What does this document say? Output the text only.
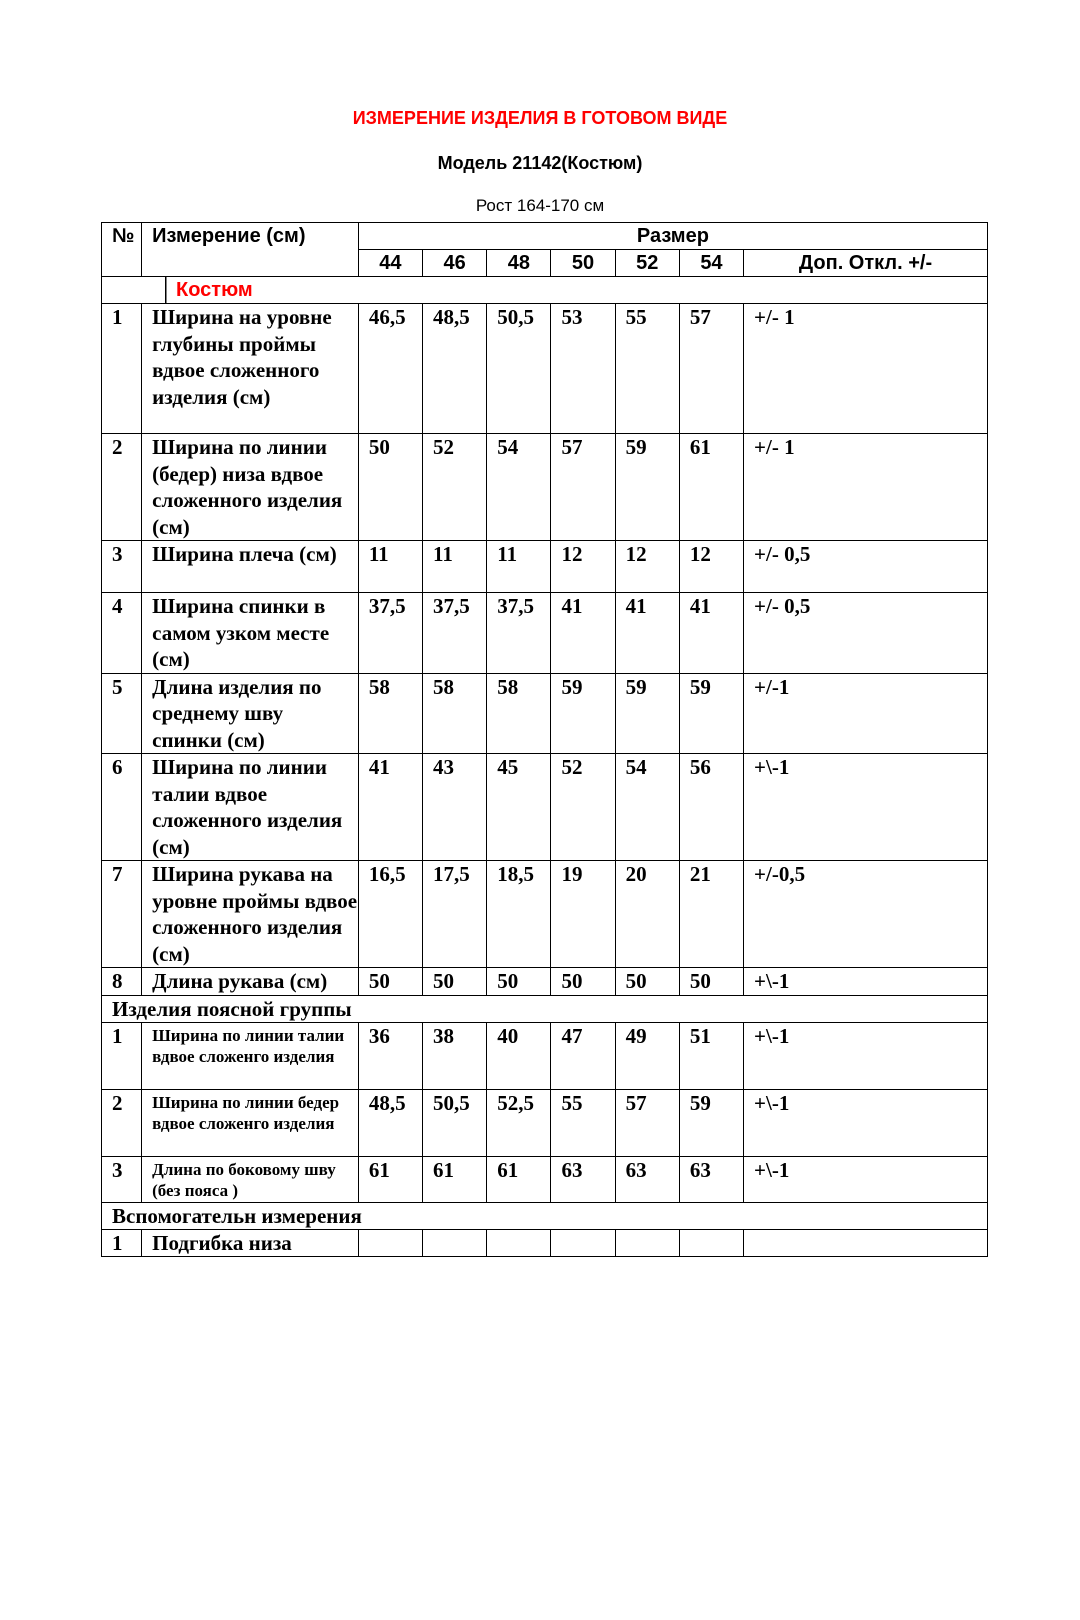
ИЗМЕРЕНИЕ ИЗДЕЛИЯ В ГОТОВОМ ВИДЕ
Модель 21142(Костюм)
Рост 164-170 см
№	Измерение (см)	Размер						
		44	46	48	50	52	54	Доп. Откл. +/-
Костюм								
1	Ширина на уровне глубины проймы вдвое сложенного изделия (см)	46,5	48,5	50,5	53	55	57	+/- 1
2	Ширина по линии (бедер) низа вдвое сложенного изделия (см)	50	52	54	57	59	61	+/- 1
3	Ширина плеча (см)	11	11	11	12	12	12	+/- 0,5
4	Ширина спинки в самом узком месте (см)	37,5	37,5	37,5	41	41	41	+/- 0,5
5	Длина изделия по среднему шву спинки (см)	58	58	58	59	59	59	+/-1
6	Ширина по линии талии вдвое сложенного изделия (см)	41	43	45	52	54	56	+\-1
7	Ширина рукава на уровне проймы вдвое сложенного изделия (см)	16,5	17,5	18,5	19	20	21	+/-0,5
8	Длина рукава (см)	50	50	50	50	50	50	+\-1
Изделия поясной группы								
1	Ширина по линии талии вдвое сложенго изделия	36	38	40	47	49	51	+\-1
2	Ширина по линии бедер вдвое сложенго изделия	48,5	50,5	52,5	55	57	59	+\-1
3	Длина по боковому шву (без пояса )	61	61	61	63	63	63	+\-1
Вспомогательн измерения								
1	Подгибка низа							
